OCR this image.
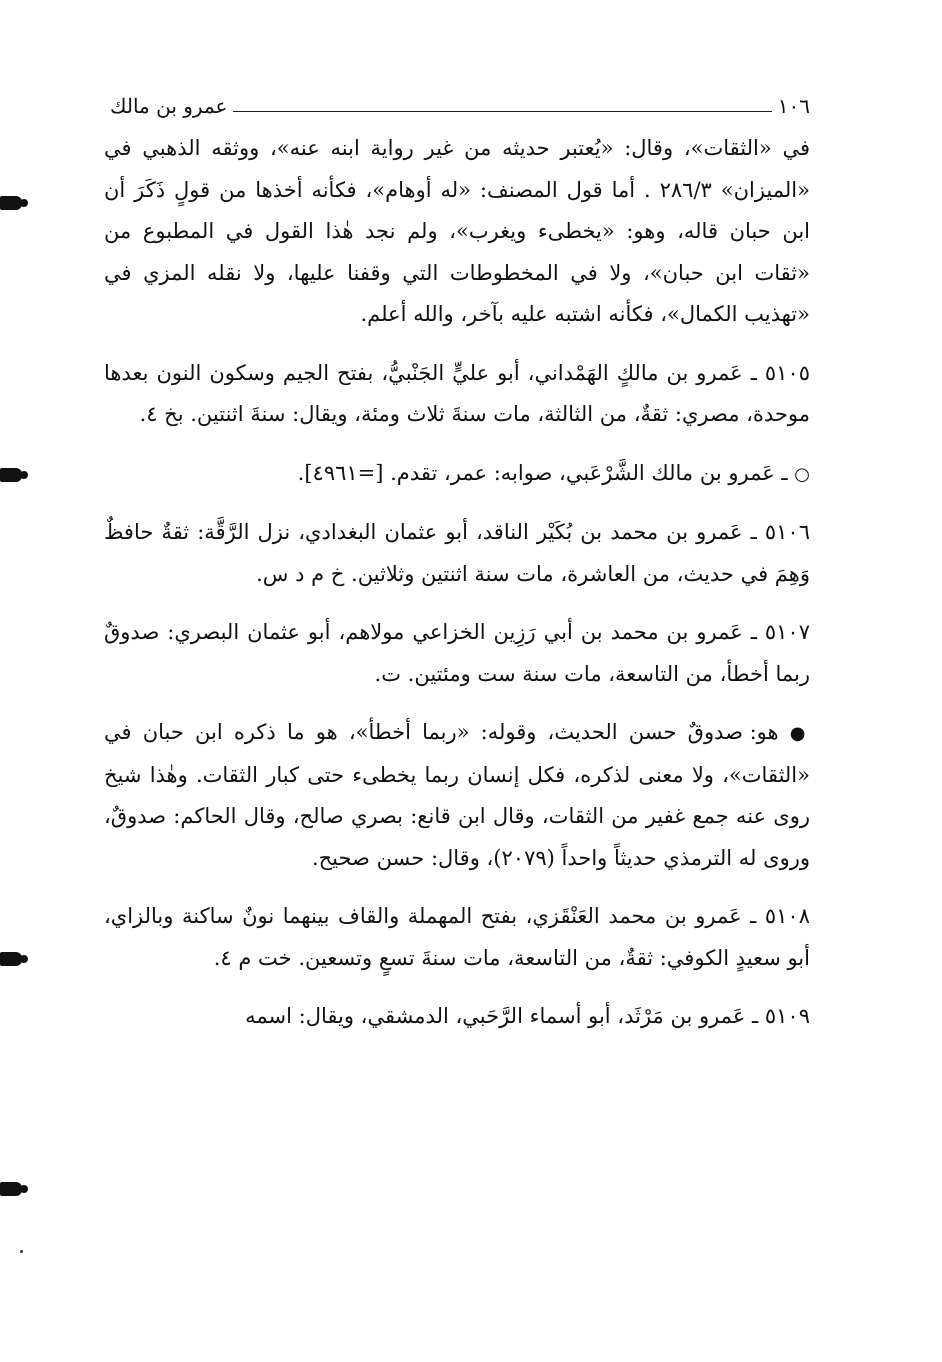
١٠٦
عمرو بن مالك

في «الثقات»، وقال: «يُعتبر حديثه من غير رواية ابنه عنه»، ووثقه الذهبي في «الميزان» ٢٨٦/٣ . أما قول المصنف: «له أوهام»، فكأنه أخذها من قولٍ ذَكَرَ أن ابن حبان قاله، وهو: «يخطىء ويغرب»، ولم نجد هٰذا القول في المطبوع من «ثقات ابن حبان»، ولا في المخطوطات التي وقفنا عليها، ولا نقله المزي في «تهذيب الكمال»، فكأنه اشتبه عليه بآخر، والله أعلم.

٥١٠٥ ـ عَمرو بن مالكٍ الهَمْداني، أبو عليٍّ الجَنْبيُّ، بفتح الجيم وسكون النون بعدها موحدة، مصري: ثقةٌ، من الثالثة، مات سنةَ ثلاث ومئة، ويقال: سنةَ اثنتين. بخ ٤.

○ ـ عَمرو بن مالك الشَّرْعَبي، صوابه: عمر، تقدم. [=٤٩٦١].

٥١٠٦ ـ عَمرو بن محمد بن بُكَيْر الناقد، أبو عثمان البغدادي، نزل الرَّقَّة: ثقةٌ حافظٌ وَهِمَ في حديث، من العاشرة، مات سنة اثنتين وثلاثين. خ م د س.

٥١٠٧ ـ عَمرو بن محمد بن أبي رَزِين الخزاعي مولاهم، أبو عثمان البصري: صدوقٌ ربما أخطأ، من التاسعة، مات سنة ست ومئتين. ت.

● هو: صدوقٌ حسن الحديث، وقوله: «ربما أخطأ»، هو ما ذكره ابن حبان في «الثقات»، ولا معنى لذكره، فكل إنسان ربما يخطىء حتى كبار الثقات. وهٰذا شيخ روى عنه جمع غفير من الثقات، وقال ابن قانع: بصري صالح، وقال الحاكم: صدوقٌ، وروى له الترمذي حديثاً واحداً (٢٠٧٩)، وقال: حسن صحيح.

٥١٠٨ ـ عَمرو بن محمد العَنْقَزي، بفتح المهملة والقاف بينهما نونٌ ساكنة وبالزاي، أبو سعيدٍ الكوفي: ثقةٌ، من التاسعة، مات سنةَ تسعٍ وتسعين. خت م ٤.

٥١٠٩ ـ عَمرو بن مَرْثَد، أبو أسماء الرَّحَبي، الدمشقي، ويقال: اسمه
